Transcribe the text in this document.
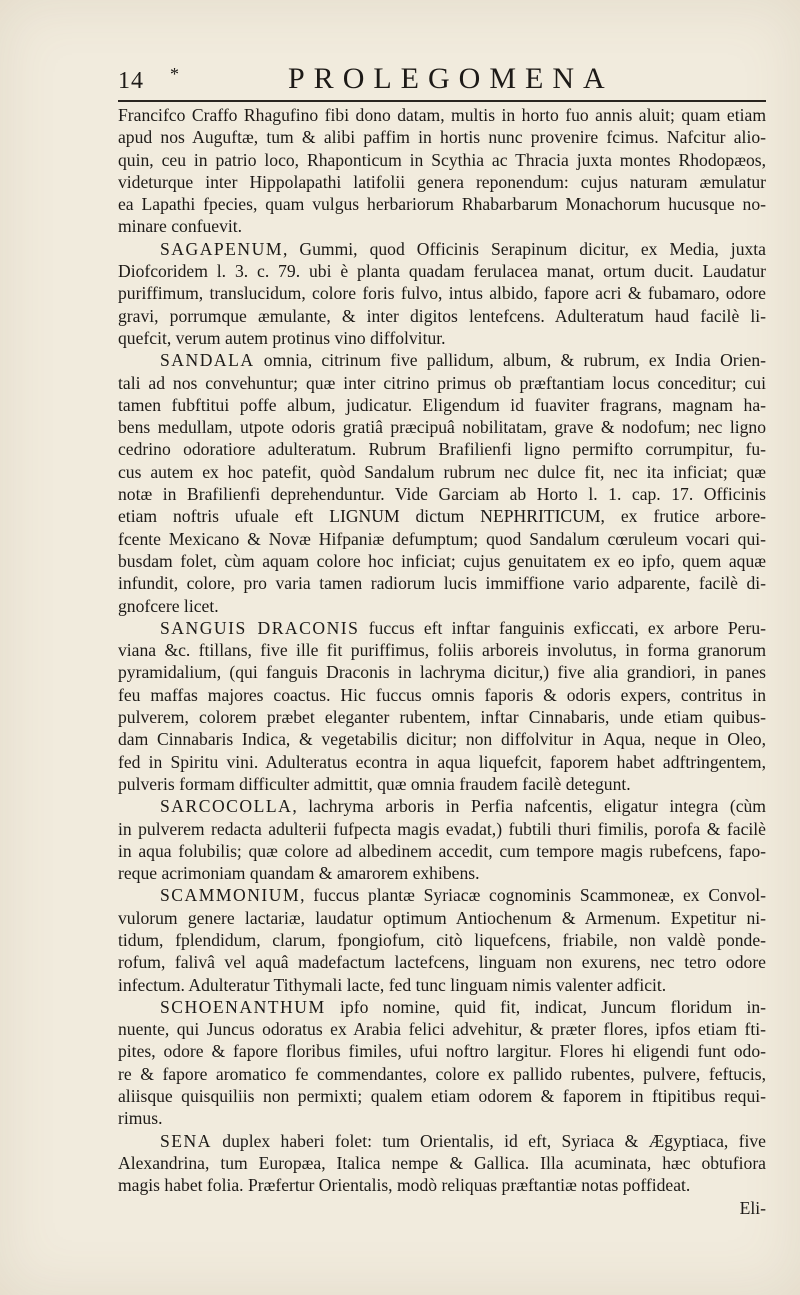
14 *	PROLEGOMENA
Francifco Craffo Rhagufino fibi dono datam, multis in horto fuo annis aluit; quam etiam
apud nos Auguftæ, tum & alibi paffim in hortis nunc provenire fcimus. Nafcitur alio-
quin, ceu in patrio loco, Rhaponticum in Scythia ac Thracia juxta montes Rhodopæos,
videturque inter Hippolapathi latifolii genera reponendum: cujus naturam æmulatur
ea Lapathi fpecies, quam vulgus herbariorum Rhabarbarum Monachorum hucusque no-
minare confuevit.
SAGAPENUM, Gummi, quod Officinis Serapinum dicitur, ex Media, juxta
Diofcoridem l. 3. c. 79. ubi è planta quadam ferulacea manat, ortum ducit. Laudatur
puriffimum, translucidum, colore foris fulvo, intus albido, fapore acri & fubamaro, odore
gravi, porrumque æmulante, & inter digitos lentefcens. Adulteratum haud facilè li-
quefcit, verum autem protinus vino diffolvitur.
SANDALA omnia, citrinum five pallidum, album, & rubrum, ex India Orien-
tali ad nos convehuntur; quæ inter citrino primus ob præftantiam locus conceditur; cui
tamen fubftitui poffe album, judicatur. Eligendum id fuaviter fragrans, magnam ha-
bens medullam, utpote odoris gratiâ præcipuâ nobilitatam, grave & nodofum; nec ligno
cedrino odoratiore adulteratum. Rubrum Brafilienfi ligno permifto corrumpitur, fu-
cus autem ex hoc patefit, quòd Sandalum rubrum nec dulce fit, nec ita inficiat; quæ
notæ in Brafilienfi deprehenduntur. Vide Garciam ab Horto l. 1. cap. 17. Officinis
etiam noftris ufuale eft LIGNUM dictum NEPHRITICUM, ex frutice arbore-
fcente Mexicano & Novæ Hifpaniæ defumptum; quod Sandalum cœruleum vocari qui-
busdam folet, cùm aquam colore hoc inficiat; cujus genuitatem ex eo ipfo, quem aquæ
infundit, colore, pro varia tamen radiorum lucis immiffione vario adparente, facilè di-
gnofcere licet.
SANGUIS DRACONIS fuccus eft inftar fanguinis exficcati, ex arbore Peru-
viana &c. ftillans, five ille fit puriffimus, foliis arboreis involutus, in forma granorum
pyramidalium, (qui fanguis Draconis in lachryma dicitur,) five alia grandiori, in panes
feu maffas majores coactus. Hic fuccus omnis faporis & odoris expers, contritus in
pulverem, colorem præbet eleganter rubentem, inftar Cinnabaris, unde etiam quibus-
dam Cinnabaris Indica, & vegetabilis dicitur; non diffolvitur in Aqua, neque in Oleo,
fed in Spiritu vini. Adulteratus econtra in aqua liquefcit, faporem habet adftringentem,
pulveris formam difficulter admittit, quæ omnia fraudem facilè detegunt.
SARCOCOLLA, lachryma arboris in Perfia nafcentis, eligatur integra (cùm
in pulverem redacta adulterii fufpecta magis evadat,) fubtili thuri fimilis, porofa & facilè
in aqua folubilis; quæ colore ad albedinem accedit, cum tempore magis rubefcens, fapo-
reque acrimoniam quandam & amarorem exhibens.
SCAMMONIUM, fuccus plantæ Syriacæ cognominis Scammoneæ, ex Convol-
vulorum genere lactariæ, laudatur optimum Antiochenum & Armenum. Expetitur ni-
tidum, fplendidum, clarum, fpongiofum, citò liquefcens, friabile, non valdè ponde-
rofum, falivâ vel aquâ madefactum lactefcens, linguam non exurens, nec tetro odore
infectum. Adulteratur Tithymali lacte, fed tunc linguam nimis valenter adficit.
SCHOENANTHUM ipfo nomine, quid fit, indicat, Juncum floridum in-
nuente, qui Juncus odoratus ex Arabia felici advehitur, & præter flores, ipfos etiam fti-
pites, odore & fapore floribus fimiles, ufui noftro largitur. Flores hi eligendi funt odo-
re & fapore aromatico fe commendantes, colore ex pallido rubentes, pulvere, feftucis,
aliisque quisquiliis non permixti; qualem etiam odorem & faporem in ftipitibus requi-
rimus.
SENA duplex haberi folet: tum Orientalis, id eft, Syriaca & Ægyptiaca, five
Alexandrina, tum Europæa, Italica nempe & Gallica. Illa acuminata, hæc obtufiora
magis habet folia. Præfertur Orientalis, modò reliquas præftantiæ notas poffideat.
Eli-
